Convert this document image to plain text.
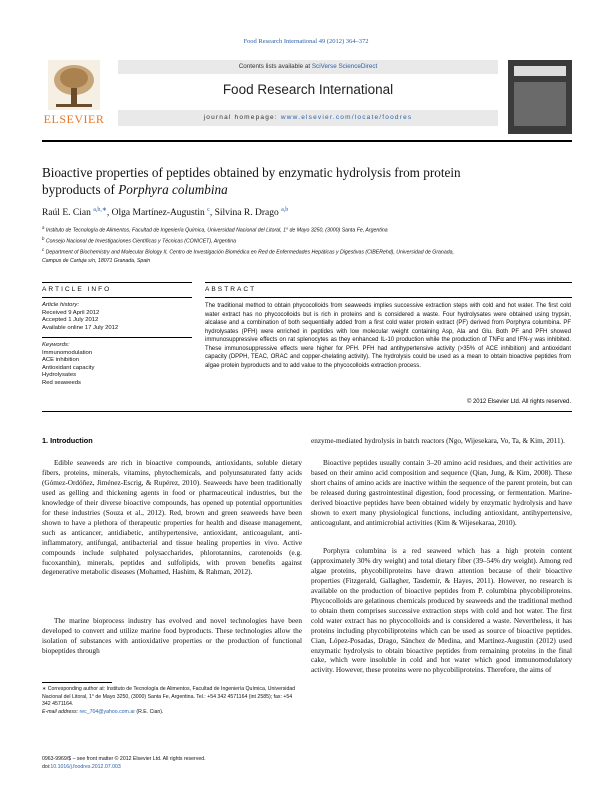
Food Research International 49 (2012) 364–372
ELSEVIER
Contents lists available at SciVerse ScienceDirect
Food Research International
journal homepage: www.elsevier.com/locate/foodres
Bioactive properties of peptides obtained by enzymatic hydrolysis from protein
byproducts of Porphyra columbina
Raúl E. Cian $^{a,b,∗}$, Olga Martínez-Augustin $^c$, Silvina R. Drago $^{a,b}$
$^a$ Instituto de Tecnología de Alimentos, Facultad de Ingeniería Química, Universidad Nacional del Litoral, 1° de Mayo 3250, (3000) Santa Fe, Argentina
$^b$ Consejo Nacional de Investigaciones Científicas y Técnicas (CONICET), Argentina
$^c$ Department of Biochemistry and Molecular Biology II, Centro de Investigación Biomédica en Red de Enfermedades Hepáticas y Digestivas (CIBERehd), Universidad de Granada,
Campus de Cartuja s/n, 18071 Granada, Spain
ARTICLE INFO	ABSTRACT
Article history:
Received 9 April 2012
Accepted 1 July 2012
Available online 17 July 2012
Keywords:
Immunomodulation
ACE inhibition
Antioxidant capacity
Hydrolysates
Red seaweeds
The traditional method to obtain phycocolloids from seaweeds implies successive extraction steps with cold and hot water. The first cold water extract has no phycocolloids but is rich in proteins and is considered a waste. Four hydrolysates were obtained using trypsin, alcalase and a combination of both sequentially added from a first cold water protein extract (PF) derived from Porphyra columbina. PF hydrolysates (PFH) were enriched in peptides with low molecular weight containing Asp, Ala and Glu. Both PF and PFH showed immunosuppressive effects on rat splenocytes as they enhanced IL-10 production while the production of TNFα and IFN-γ was inhibited. These immunosuppressive effects were higher for PFH. PFH had antihypertensive activity (>35% of ACE inhibition) and antioxidant capacity (DPPH, TEAC, ORAC and copper-chelating activity). The hydrolysis could be used as a mean to obtain bioactive peptides from algae protein byproducts and to add value to the phycocolloids extraction process.
© 2012 Elsevier Ltd. All rights reserved.
1. Introduction
Edible seaweeds are rich in bioactive compounds, antioxidants, soluble dietary fibers, proteins, minerals, vitamins, phytochemicals, and polyunsaturated fatty acids (Gómez-Ordóñez, Jiménez-Escrig, & Rupérez, 2010). Seaweeds have been traditionally used as gelling and thickening agents in food or pharmaceutical industries, but the knowledge of their diverse bioactive compounds, has opened up potential opportunities for these industries (Souza et al., 2012). Red, brown and green seaweeds have been shown to have a plethora of therapeutic properties for health and disease management, such as anticancer, antidiabetic, antihypertensive, antioxidant, anticoagulant, anti-inflammatory, antifungal, antibacterial and tissue healing properties in vivo. Active compounds include sulphated polysaccharides, phlorotannins, carotenoids (e.g. fucoxanthin), minerals, peptides and sulfolipids, with proven benefits against degenerative metabolic diseases (Mohamed, Hashim, & Rahman, 2012).
The marine bioprocess industry has evolved and novel technologies have been developed to convert and utilize marine food byproducts. These technologies allow the isolation of substances with antioxidative properties or the production of functional biopeptides through
enzyme-mediated hydrolysis in batch reactors (Ngo, Wijesekara, Vo, Ta, & Kim, 2011).
Bioactive peptides usually contain 3–20 amino acid residues, and their activities are based on their amino acid composition and sequence (Qian, Jung, & Kim, 2008). These short chains of amino acids are inactive within the sequence of the parent protein, but can be released during gastrointestinal digestion, food processing, or fermentation. Marine-derived bioactive peptides have been obtained widely by enzymatic hydrolysis and have shown to exert many physiological functions, including antioxidant, antihypertensive, anticoagulant, and antimicrobial activities (Kim & Wijesekaraa, 2010).
Porphyra columbina is a red seaweed which has a high protein content (approximately 30% dry weight) and total dietary fiber (39–54% dry weight). Among red algae proteins, phycobiliproteins have drawn attention because of their bioactive properties (Fitzgerald, Gallagher, Tasdemir, & Hayes, 2011). However, no research is available on the production of bioactive peptides from P. columbina phycobiliproteins. Phycocolloids are gelatinous chemicals produced by seaweeds and the traditional method to obtain them comprises successive extraction steps with cold and hot water. The first cold water extract has no phycocolloids and is considered a waste. Nevertheless, it has proteins including phycobiliproteins which can be used as source of bioactive peptides. Cian, López-Posadas, Drago, Sánchez de Medina, and Martínez-Augustin (2012) used enzymatic hydrolysis to obtain bioactive peptides from remaining proteins in the final cake, which were insoluble in cold and hot water which good immunomodulatory activity. However, these proteins were no phycobiliproteins. Therefore, the aims of
∗ Corresponding author at: Instituto de Tecnología de Alimentos, Facultad de Ingeniería Química, Universidad Nacional del Litoral, 1° de Mayo 3250, (3000) Santa Fe, Argentina. Tel.: +54 342 4571164 (int 2585); fax: +54 342 4571164.
E-mail address: rec_704@yahoo.com.ar (R.E. Cian).
0963-9969/$ – see front matter © 2012 Elsevier Ltd. All rights reserved.
doi:10.1016/j.foodres.2012.07.003
